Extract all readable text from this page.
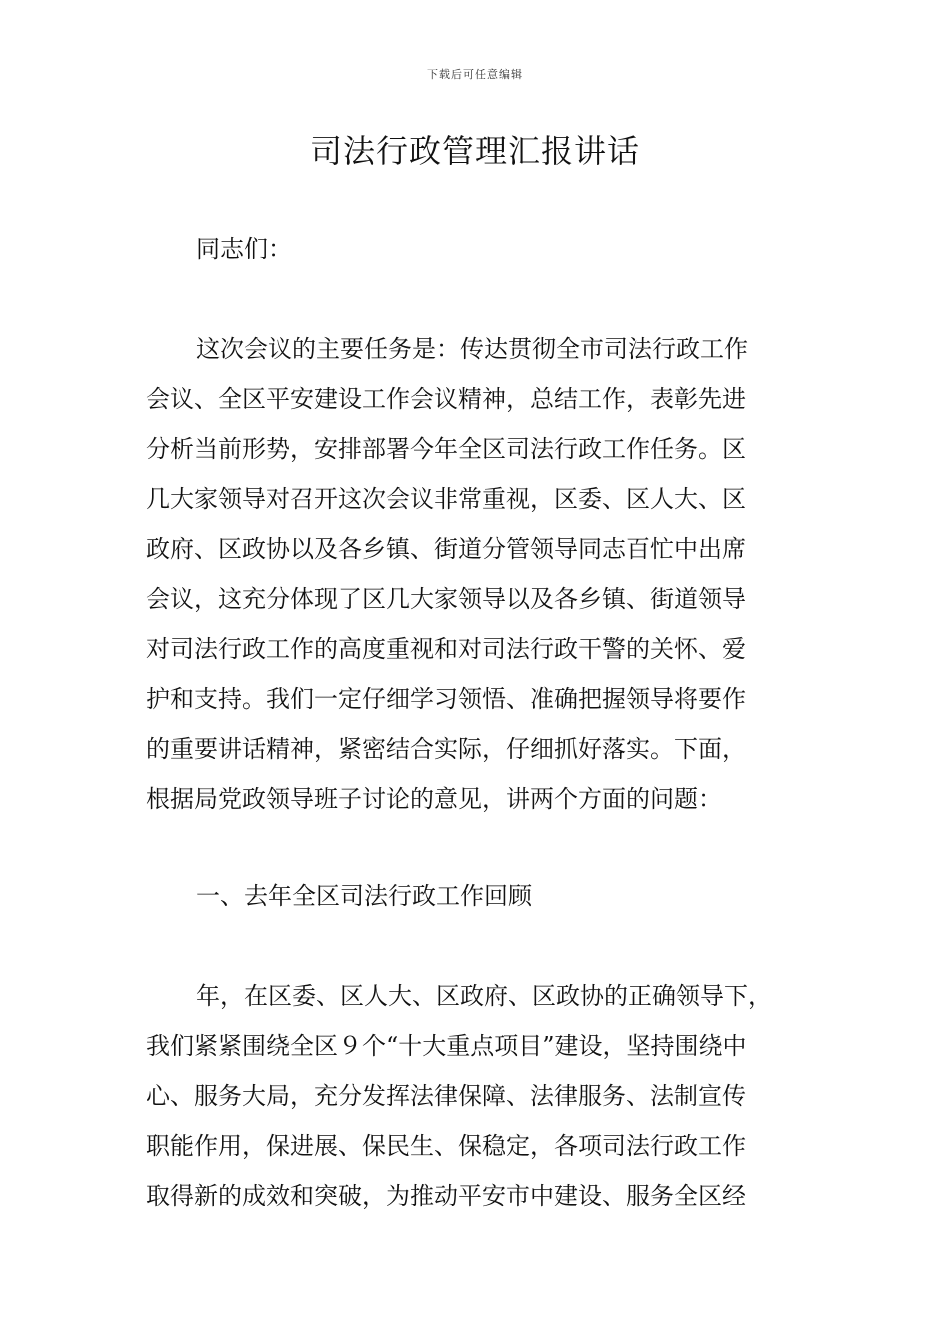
下载后可任意编辑
司法行政管理汇报讲话

同志们：

这次会议的主要任务是：传达贯彻全市司法行政工作
会议、全区平安建设工作会议精神，总结工作，表彰先进
分析当前形势，安排部署今年全区司法行政工作任务。区
几大家领导对召开这次会议非常重视，区委、区人大、区
政府、区政协以及各乡镇、街道分管领导同志百忙中出席
会议，这充分体现了区几大家领导以及各乡镇、街道领导
对司法行政工作的高度重视和对司法行政干警的关怀、爱
护和支持。我们一定仔细学习领悟、准确把握领导将要作
的重要讲话精神，紧密结合实际，仔细抓好落实。下面，
根据局党政领导班子讨论的意见，讲两个方面的问题：

一、去年全区司法行政工作回顾

年，在区委、区人大、区政府、区政协的正确领导下，
我们紧紧围绕全区９个“十大重点项目”建设，坚持围绕中
心、服务大局，充分发挥法律保障、法律服务、法制宣传
职能作用，保进展、保民生、保稳定，各项司法行政工作
取得新的成效和突破，为推动平安市中建设、服务全区经
